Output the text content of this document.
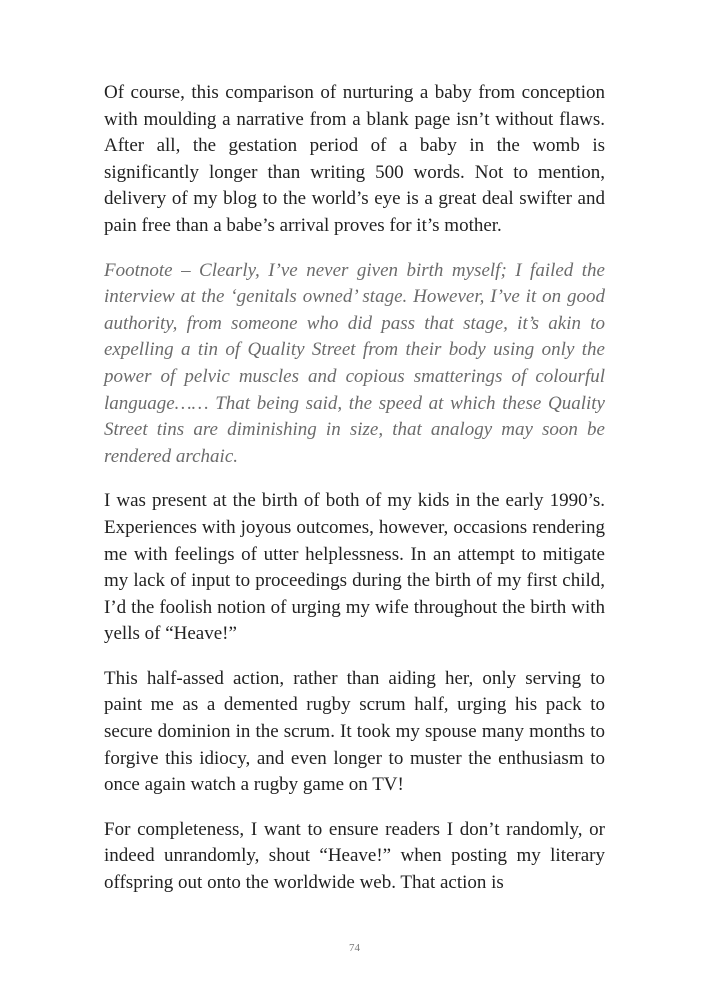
Of course, this comparison of nurturing a baby from conception with moulding a narrative from a blank page isn’t without flaws. After all, the gestation period of a baby in the womb is significantly longer than writing 500 words. Not to mention, delivery of my blog to the world’s eye is a great deal swifter and pain free than a babe’s arrival proves for it’s mother.

Footnote – Clearly, I’ve never given birth myself; I failed the interview at the ‘genitals owned’ stage. However, I’ve it on good authority, from someone who did pass that stage, it’s akin to expelling a tin of Quality Street from their body using only the power of pelvic muscles and copious smatterings of colourful language…… That being said, the speed at which these Quality Street tins are diminishing in size, that analogy may soon be rendered archaic.

I was present at the birth of both of my kids in the early 1990’s. Experiences with joyous outcomes, however, occasions rendering me with feelings of utter helplessness. In an attempt to mitigate my lack of input to proceedings during the birth of my first child, I’d the foolish notion of urging my wife throughout the birth with yells of “Heave!”

This half-assed action, rather than aiding her, only serving to paint me as a demented rugby scrum half, urging his pack to secure dominion in the scrum. It took my spouse many months to forgive this idiocy, and even longer to muster the enthusiasm to once again watch a rugby game on TV!

For completeness, I want to ensure readers I don’t randomly, or indeed unrandomly, shout “Heave!” when posting my literary offspring out onto the worldwide web. That action is

74
